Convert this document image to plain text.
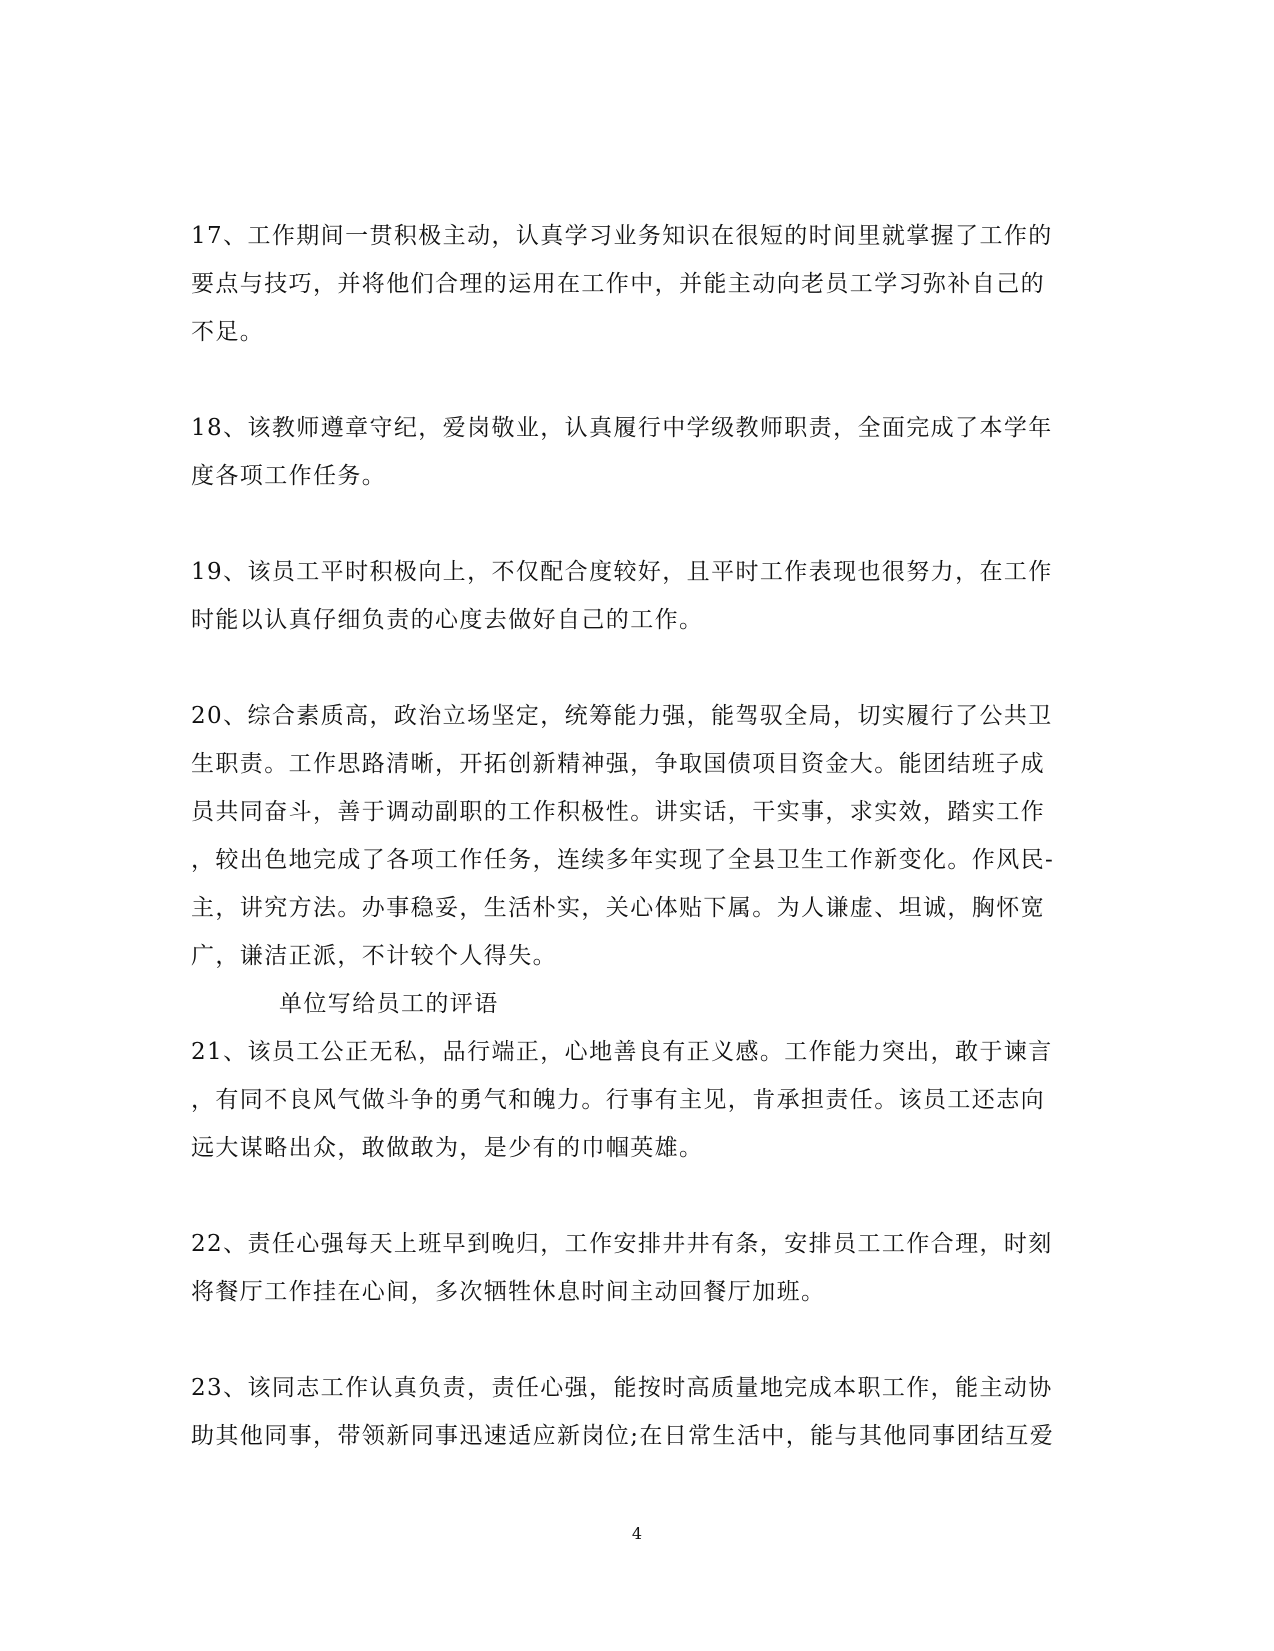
17、工作期间一贯积极主动，认真学习业务知识在很短的时间里就掌握了工作的
要点与技巧，并将他们合理的运用在工作中，并能主动向老员工学习弥补自己的
不足。
18、该教师遵章守纪，爱岗敬业，认真履行中学级教师职责，全面完成了本学年
度各项工作任务。
19、该员工平时积极向上，不仅配合度较好，且平时工作表现也很努力，在工作
时能以认真仔细负责的心度去做好自己的工作。
20、综合素质高，政治立场坚定，统筹能力强，能驾驭全局，切实履行了公共卫
生职责。工作思路清晰，开拓创新精神强，争取国债项目资金大。能团结班子成
员共同奋斗，善于调动副职的工作积极性。讲实话，干实事，求实效，踏实工作
，较出色地完成了各项工作任务，连续多年实现了全县卫生工作新变化。作风民-
主，讲究方法。办事稳妥，生活朴实，关心体贴下属。为人谦虚、坦诚，胸怀宽
广，谦洁正派，不计较个人得失。
单位写给员工的评语
21、该员工公正无私，品行端正，心地善良有正义感。工作能力突出，敢于谏言
，有同不良风气做斗争的勇气和魄力。行事有主见，肯承担责任。该员工还志向
远大谋略出众，敢做敢为，是少有的巾帼英雄。
22、责任心强每天上班早到晚归，工作安排井井有条，安排员工工作合理，时刻
将餐厅工作挂在心间，多次牺牲休息时间主动回餐厅加班。
23、该同志工作认真负责，责任心强，能按时高质量地完成本职工作，能主动协
助其他同事，带领新同事迅速适应新岗位;在日常生活中，能与其他同事团结互爱
4
